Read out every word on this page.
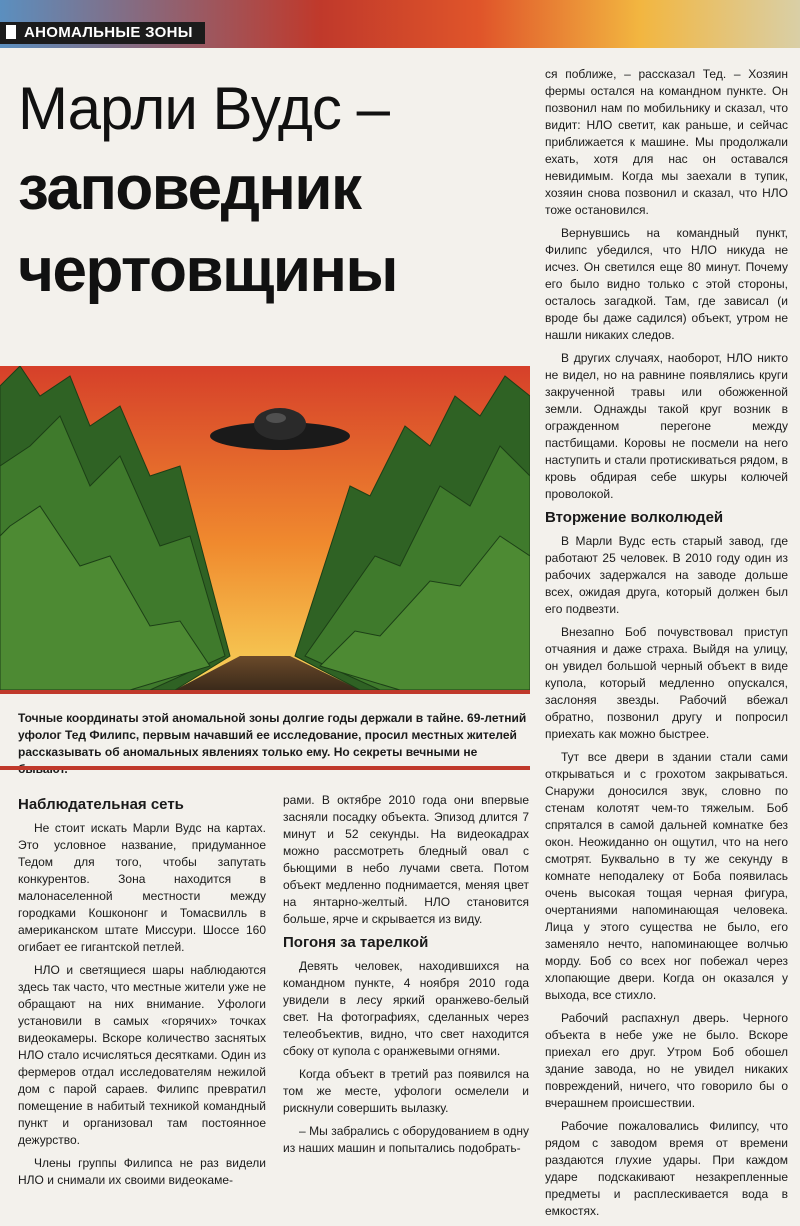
АНОМАЛЬНЫЕ ЗОНЫ
Марли Вудс –
заповедник
чертовщины
Точные координаты этой аномальной зоны долгие годы держали в тайне. 69-летний уфолог Тед Филипс, первым начавший ее исследование, просил местных жителей рассказывать об аномальных явлениях только ему. Но секреты вечными не
Наблюдательная сеть

Не стоит искать Марли Вудс на картах. Это условное название, придуманное Тедом для того, чтобы запутать конкурентов. Зона находится в малонаселенной местности между городками Кошкононг и Томасвилль в американском штате Миссури. Шоссе 160 огибает ее гигантской петлей.

НЛО и светящиеся шары наблюдаются здесь так часто, что местные жители уже не обращают на них внимание. Уфологи установили в самых «горячих» точках видеокамеры. Вскоре количество заснятых НЛО стало исчисляться десятками. Один из фермеров отдал исследователям нежилой дом с парой сараев. Филипс превратил помещение в набитый техникой командный пункт и организовал там постоянное дежурство.

Члены группы Филипса не раз видели НЛО и снимали их своими видеокаме-

рами. В октябре 2010 года они впервые засняли посадку объекта. Эпизод длится 7 минут и 52 секунды. На видеокадрах можно рассмотреть бледный овал с бьющими в небо лучами света. Потом объект медленно поднимается, меняя цвет на янтарно-желтый. НЛО становится больше, ярче и скрывается из виду.

Погоня за тарелкой

Девять человек, находившихся на командном пункте, 4 ноября 2010 года увидели в лесу яркий оранжево-белый свет. На фотографиях, сделанных через телеобъектив, видно, что свет находится сбоку от купола с оранжевыми огнями.

Когда объект в третий раз появился на том же месте, уфологи осмелели и рискнули совершить вылазку.

– Мы забрались с оборудованием в одну из наших машин и попытались подобрать-

ся поближе, – рассказал Тед. – Хозяин фермы остался на командном пункте. Он позвонил нам по мобильнику и сказал, что видит: НЛО светит, как раньше, и сейчас приближается к машине. Мы продолжали ехать, хотя для нас он оставался невидимым. Когда мы заехали в тупик, хозяин снова позвонил и сказал, что НЛО тоже остановился.

Вернувшись на командный пункт, Филипс убедился, что НЛО никуда не исчез. Он светился еще 80 минут. Почему его было видно только с этой стороны, осталось загадкой. Там, где зависал (и вроде бы даже садился) объект, утром не нашли никаких следов.

В других случаях, наоборот, НЛО никто не видел, но на равнине появлялись круги закрученной травы или обожженной земли. Однажды такой круг возник в огражденном перегоне между пастбищами. Коровы не посмели на него наступить и стали протискиваться рядом, в кровь обдирая себе шкуры колючей проволокой.

Вторжение волколюдей

В Марли Вудс есть старый завод, где работают 25 человек. В 2010 году один из рабочих задержался на заводе дольше всех, ожидая друга, который должен был его подвезти.

Внезапно Боб почувствовал приступ отчаяния и даже страха. Выйдя на улицу, он увидел большой черный объект в виде купола, который медленно опускался, заслоняя звезды. Рабочий вбежал обратно, позвонил другу и попросил приехать как можно быстрее.

Тут все двери в здании стали сами открываться и с грохотом закрываться. Снаружи доносился звук, словно по стенам колотят чем-то тяжелым. Боб спрятался в самой дальней комнатке без окон. Неожиданно он ощутил, что на него смотрят. Буквально в ту же секунду в комнате неподалеку от Боба появилась очень высокая тощая черная фигура, очертаниями напоминающая человека. Лица у этого существа не было, его заменяло нечто, напоминающее волчью морду. Боб со всех ног побежал через хлопающие двери. Когда он оказался у выхода, все стихло.

Рабочий распахнул дверь. Черного объекта в небе уже не было. Вскоре приехал его друг. Утром Боб обошел здание завода, но не увидел никаких повреждений, ничего, что говорило бы о вчерашнем происшествии.

Рабочие пожаловались Филипсу, что рядом с заводом время от времени раздаются глухие удары. При каждом ударе подскакивают незакрепленные предметы и расплескивается вода в емкостях.
